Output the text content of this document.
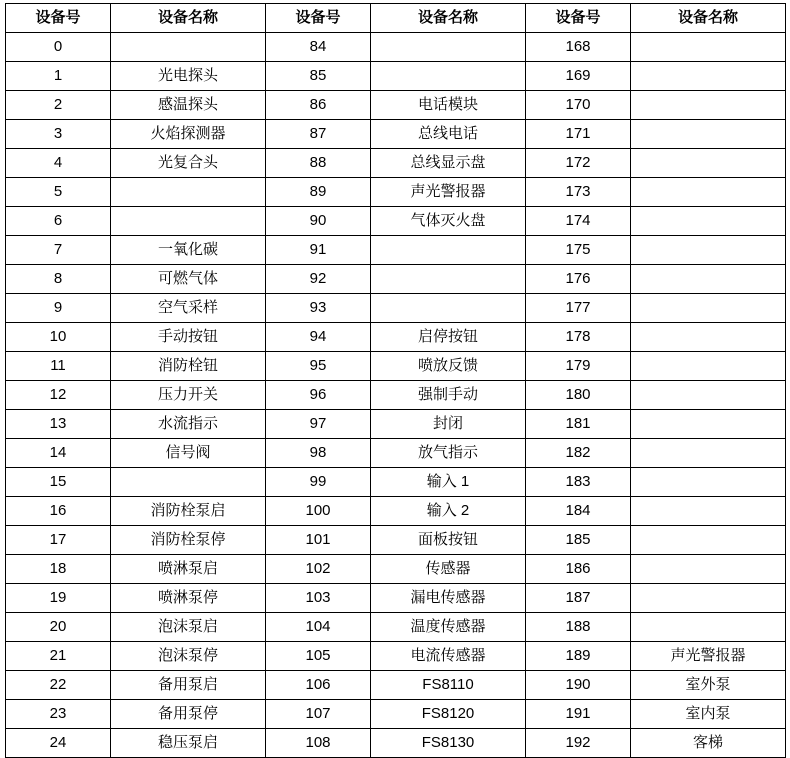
设备号	设备名称	设备号	设备名称	设备号	设备名称
0		84		168	
1	光电探头	85		169	
2	感温探头	86	电话模块	170	
3	火焰探测器	87	总线电话	171	
4	光复合头	88	总线显示盘	172	
5		89	声光警报器	173	
6		90	气体灭火盘	174	
7	一氧化碳	91		175	
8	可燃气体	92		176	
9	空气采样	93		177	
10	手动按钮	94	启停按钮	178	
11	消防栓钮	95	喷放反馈	179	
12	压力开关	96	强制手动	180	
13	水流指示	97	封闭	181	
14	信号阀	98	放气指示	182	
15		99	输入 1	183	
16	消防栓泵启	100	输入 2	184	
17	消防栓泵停	101	面板按钮	185	
18	喷淋泵启	102	传感器	186	
19	喷淋泵停	103	漏电传感器	187	
20	泡沫泵启	104	温度传感器	188	
21	泡沫泵停	105	电流传感器	189	声光警报器
22	备用泵启	106	FS8110	190	室外泵
23	备用泵停	107	FS8120	191	室内泵
24	稳压泵启	108	FS8130	192	客梯
